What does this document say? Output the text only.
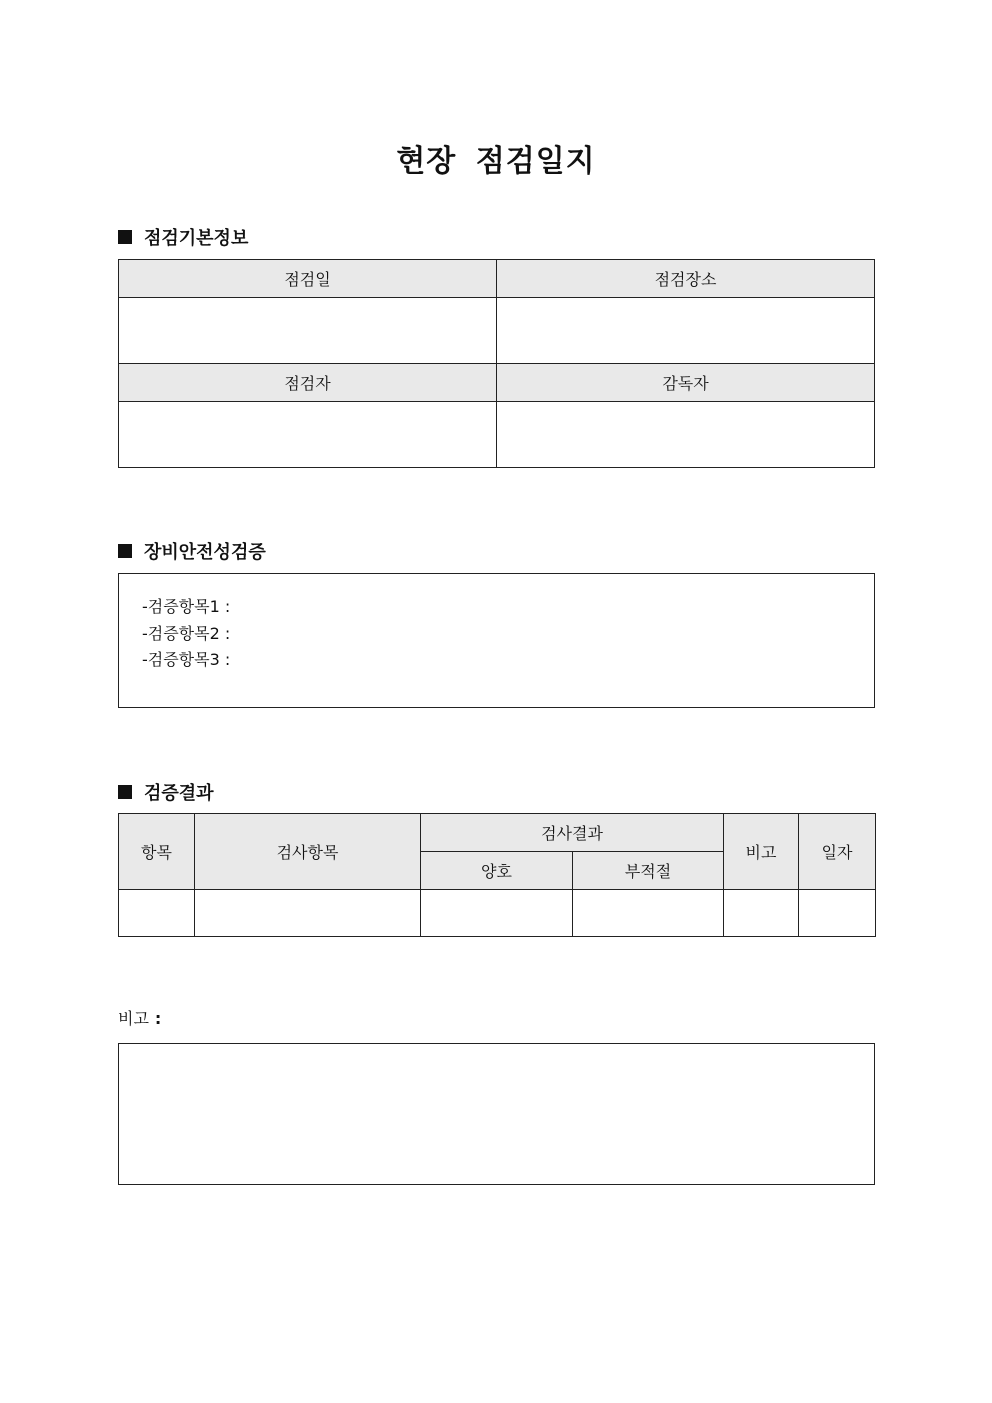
현장 점검일지
점검기본정보
점검일	점검장소

점검자	감독자

장비안전성검증
-검증항목1 :
-검증항목2 :
-검증항목3 :
검증결과
항목	검사항목	검사결과		비고	일자
		양호	부적절		

비고 :
